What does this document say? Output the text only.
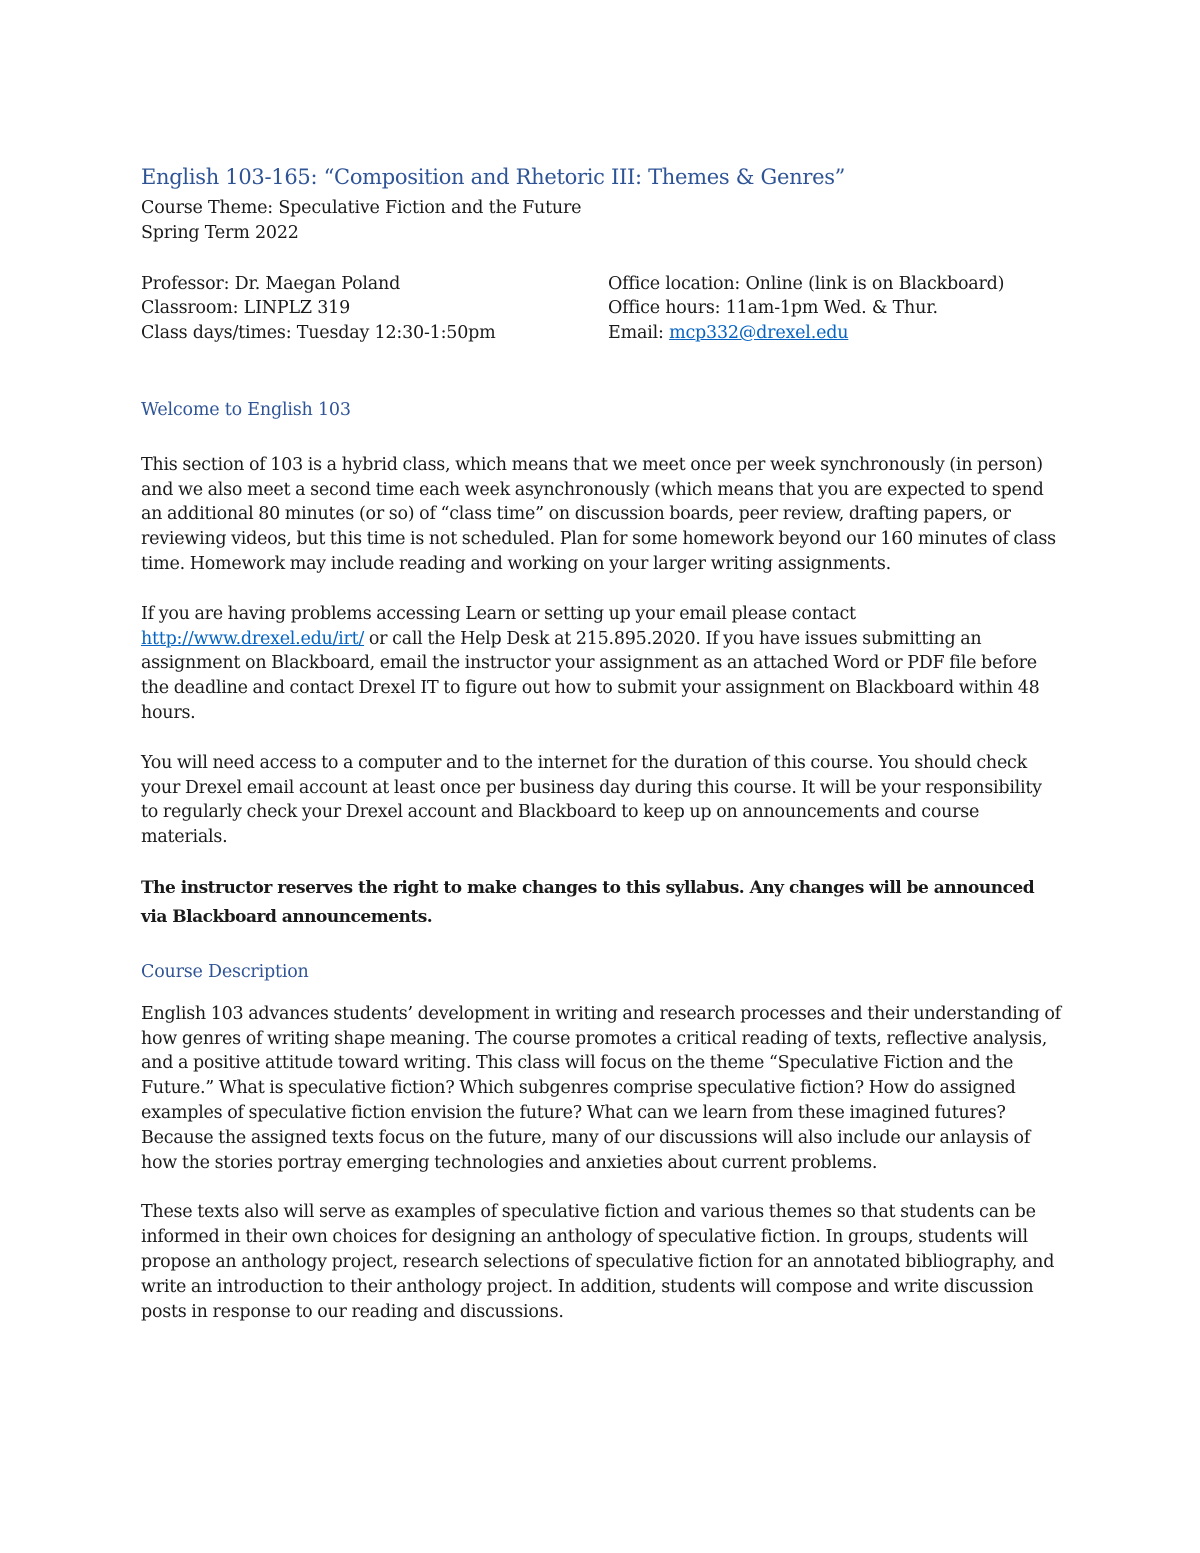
English 103-165: “Composition and Rhetoric III: Themes & Genres”

Course Theme: Speculative Fiction and the Future

Spring Term 2022

Professor: Dr. Maegan Poland	Office location: Online (link is on Blackboard)
Classroom: LINPLZ 319	Office hours: 11am-1pm Wed. & Thur.
Class days/times: Tuesday 12:30-1:50pm	Email: mcp332@drexel.edu
Welcome to English 103

This section of 103 is a hybrid class, which means that we meet once per week synchronously (in person) and we also meet a second time each week asynchronously (which means that you are expected to spend an additional 80 minutes (or so) of “class time” on discussion boards, peer review, drafting papers, or reviewing videos, but this time is not scheduled. Plan for some homework beyond our 160 minutes of class time. Homework may include reading and working on your larger writing assignments.

If you are having problems accessing Learn or setting up your email please contact
http://www.drexel.edu/irt/ or call the Help Desk at 215.895.2020. If you have issues submitting an assignment on Blackboard, email the instructor your assignment as an attached Word or PDF file before the deadline and contact Drexel IT to figure out how to submit your assignment on Blackboard within 48 hours.

You will need access to a computer and to the internet for the duration of this course. You should check your Drexel email account at least once per business day during this course. It will be your responsibility to regularly check your Drexel account and Blackboard to keep up on announcements and course materials.

The instructor reserves the right to make changes to this syllabus. Any changes will be announced via Blackboard announcements.

Course Description

English 103 advances students’ development in writing and research processes and their understanding of how genres of writing shape meaning. The course promotes a critical reading of texts, reflective analysis, and a positive attitude toward writing. This class will focus on the theme “Speculative Fiction and the Future.” What is speculative fiction? Which subgenres comprise speculative fiction? How do assigned examples of speculative fiction envision the future? What can we learn from these imagined futures? Because the assigned texts focus on the future, many of our discussions will also include our anlaysis of how the stories portray emerging technologies and anxieties about current problems.

These texts also will serve as examples of speculative fiction and various themes so that students can be informed in their own choices for designing an anthology of speculative fiction. In groups, students will propose an anthology project, research selections of speculative fiction for an annotated bibliography, and write an introduction to their anthology project. In addition, students will compose and write discussion posts in response to our reading and discussions.
